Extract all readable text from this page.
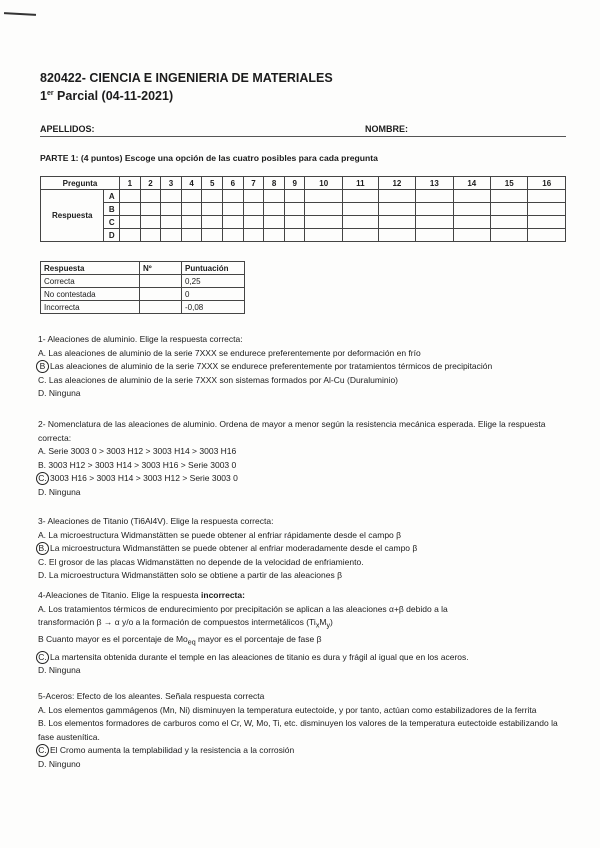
820422- CIENCIA E INGENIERIA DE MATERIALES
1er Parcial (04-11-2021)
APELLIDOS:	NOMBRE:
PARTE 1: (4 puntos) Escoge una opción de las cuatro posibles para cada pregunta
Pregunta		1	2	3	4	5	6	7	8	9	10	11	12	13	14	15	16
Respuesta	A																
	B																
	C																
	D																
Respuesta	Nº	Puntuación
Correcta		0,25
No contestada		0
Incorrecta		-0,08

1- Aleaciones de aluminio. Elige la respuesta correcta:

A. Las aleaciones de aluminio de la serie 7XXX se endurece preferentemente por deformación en frío

B Las aleaciones de aluminio de la serie 7XXX se endurece preferentemente por tratamientos térmicos de precipitación

C. Las aleaciones de aluminio de la serie 7XXX son sistemas formados por Al-Cu (Duraluminio)

D. Ninguna

2- Nomenclatura de las aleaciones de aluminio. Ordena de mayor a menor según la resistencia mecánica esperada. Elige la respuesta correcta:

A. Serie 3003 0 > 3003 H12 > 3003 H14 > 3003 H16

B. 3003 H12 > 3003 H14 > 3003 H16 > Serie 3003 0

C. 3003 H16 > 3003 H14 > 3003 H12 > Serie 3003 0

D. Ninguna

3- Aleaciones de Titanio (Ti6Al4V). Elige la respuesta correcta:

A. La microestructura Widmanstätten se puede obtener al enfriar rápidamente desde el campo β

B. La microestructura Widmanstätten se puede obtener al enfriar moderadamente desde el campo β

C. El grosor de las placas Widmanstätten no depende de la velocidad de enfriamiento.

D. La microestructura Widmanstätten solo se obtiene a partir de las aleaciones β

4-Aleaciones de Titanio. Elige la respuesta incorrecta:

A. Los tratamientos térmicos de endurecimiento por precipitación se aplican a las aleaciones α+β debido a la

transformación β → α y/o a la formación de compuestos intermetálicos $(Ti_xM_y)$

B Cuanto mayor es el porcentaje de $Mo_{eq}$ mayor es el porcentaje de fase β

C. La martensita obtenida durante el temple en las aleaciones de titanio es dura y frágil al igual que en los aceros.

D. Ninguna

5-Aceros: Efecto de los aleantes. Señala respuesta correcta

A. Los elementos gammágenos (Mn, Ni) disminuyen la temperatura eutectoide, y por tanto, actúan como estabilizadores de la ferrita

B. Los elementos formadores de carburos como el Cr, W, Mo, Ti, etc. disminuyen los valores de la temperatura eutectoide estabilizando la fase austenítica.

C. El Cromo aumenta la templabilidad y la resistencia a la corrosión

D. Ninguno
